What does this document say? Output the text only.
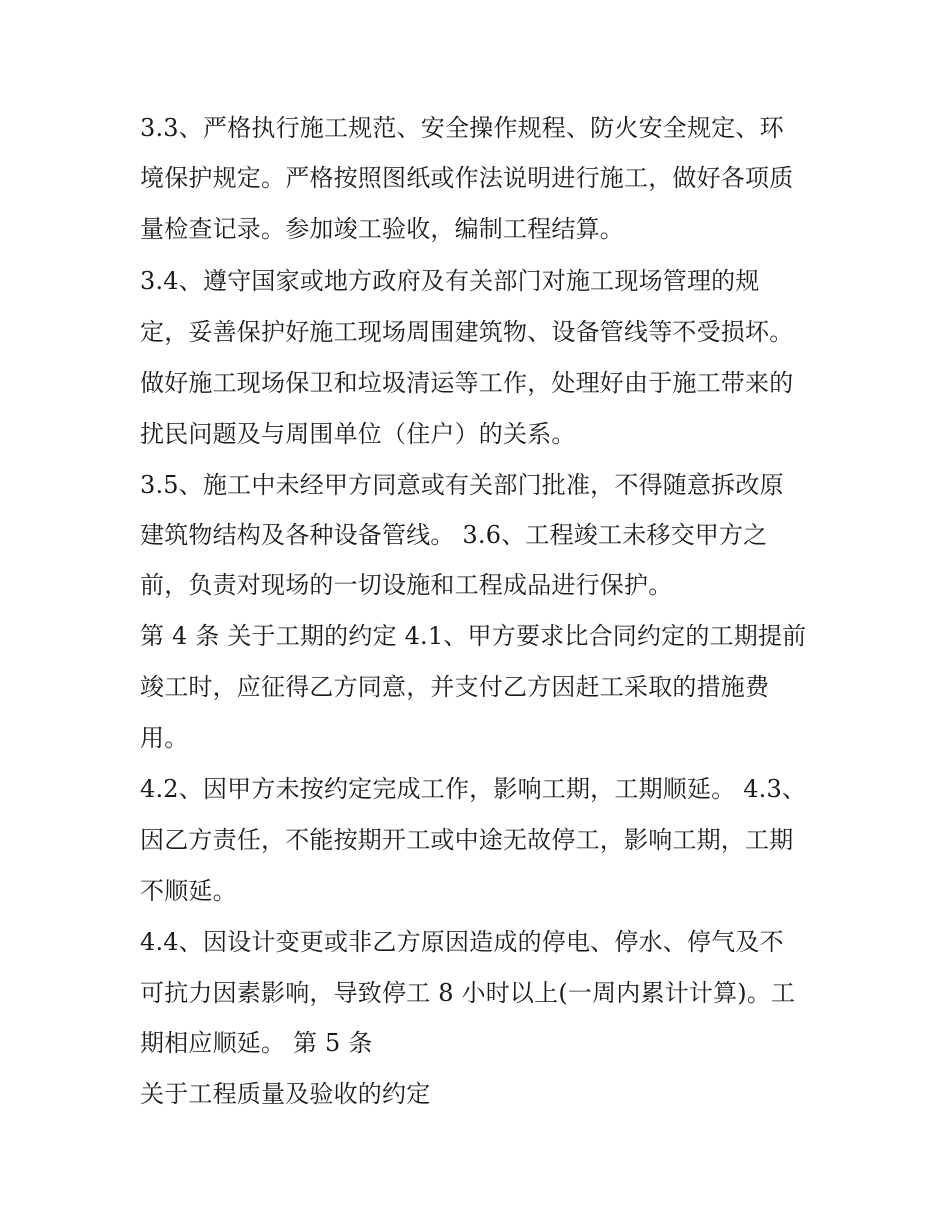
3.3、严格执行施工规范、安全操作规程、防火安全规定、环
境保护规定。严格按照图纸或作法说明进行施工，做好各项质
量检查记录。参加竣工验收，编制工程结算。
3.4、遵守国家或地方政府及有关部门对施工现场管理的规
定，妥善保护好施工现场周围建筑物、设备管线等不受损坏。
做好施工现场保卫和垃圾清运等工作，处理好由于施工带来的
扰民问题及与周围单位（住户）的关系。
3.5、施工中未经甲方同意或有关部门批准，不得随意拆改原
建筑物结构及各种设备管线。 3.6、工程竣工未移交甲方之
前，负责对现场的一切设施和工程成品进行保护。
第 4 条 关于工期的约定 4.1、甲方要求比合同约定的工期提前
竣工时，应征得乙方同意，并支付乙方因赶工采取的措施费
用。
4.2、因甲方未按约定完成工作，影响工期，工期顺延。 4.3、
因乙方责任，不能按期开工或中途无故停工，影响工期，工期
不顺延。
4.4、因设计变更或非乙方原因造成的停电、停水、停气及不
可抗力因素影响，导致停工 8 小时以上(一周内累计计算)。工
期相应顺延。 第 5 条
关于工程质量及验收的约定
